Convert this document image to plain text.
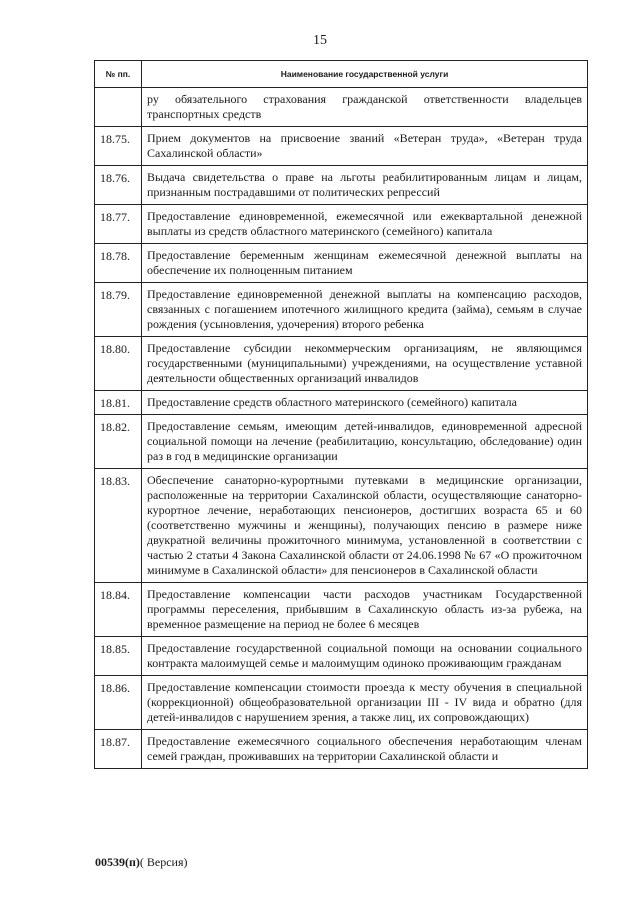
15
№ пп.	Наименование государственной услуги
	ру обязательного страхования гражданской ответственности владельцев транспортных средств
18.75.	Прием документов на присвоение званий «Ветеран труда», «Ветеран труда Сахалинской области»
18.76.	Выдача свидетельства о праве на льготы реабилитированным лицам и лицам, признанным пострадавшими от политических репрессий
18.77.	Предоставление единовременной, ежемесячной или ежеквартальной денежной выплаты из средств областного материнского (семейного) капитала
18.78.	Предоставление беременным женщинам ежемесячной денежной выплаты на обеспечение их полноценным питанием
18.79.	Предоставление единовременной денежной выплаты на компенсацию расходов, связанных с погашением ипотечного жилищного кредита (займа), семьям в случае рождения (усыновления, удочерения) второго ребенка
18.80.	Предоставление субсидии некоммерческим организациям, не являющимся государственными (муниципальными) учреждениями, на осуществление уставной деятельности общественных организаций инвалидов
18.81.	Предоставление средств областного материнского (семейного) капитала
18.82.	Предоставление семьям, имеющим детей-инвалидов, единовременной адресной социальной помощи на лечение (реабилитацию, консультацию, обследование) один раз в год в медицинские организации
18.83.	Обеспечение санаторно-курортными путевками в медицинские организации, расположенные на территории Сахалинской области, осуществляющие санаторно-курортное лечение, неработающих пенсионеров, достигших возраста 65 и 60 (соответственно мужчины и женщины), получающих пенсию в размере ниже двукратной величины прожиточного минимума, установленной в соответствии с частью 2 статьи 4 Закона Сахалинской области от 24.06.1998 № 67 «О прожиточном минимуме в Сахалинской области» для пенсионеров в Сахалинской области
18.84.	Предоставление компенсации части расходов участникам Государственной программы переселения, прибывшим в Сахалинскую область из-за рубежа, на временное размещение на период не более 6 месяцев
18.85.	Предоставление государственной социальной помощи на основании социального контракта малоимущей семье и малоимущим одиноко проживающим гражданам
18.86.	Предоставление компенсации стоимости проезда к месту обучения в специальной (коррекционной) общеобразовательной организации III - IV вида и обратно (для детей-инвалидов с нарушением зрения, а также лиц, их сопровождающих)
18.87.	Предоставление ежемесячного социального обеспечения неработающим членам семей граждан, проживавших на территории Сахалинской области и
00539(п)( Версия)
